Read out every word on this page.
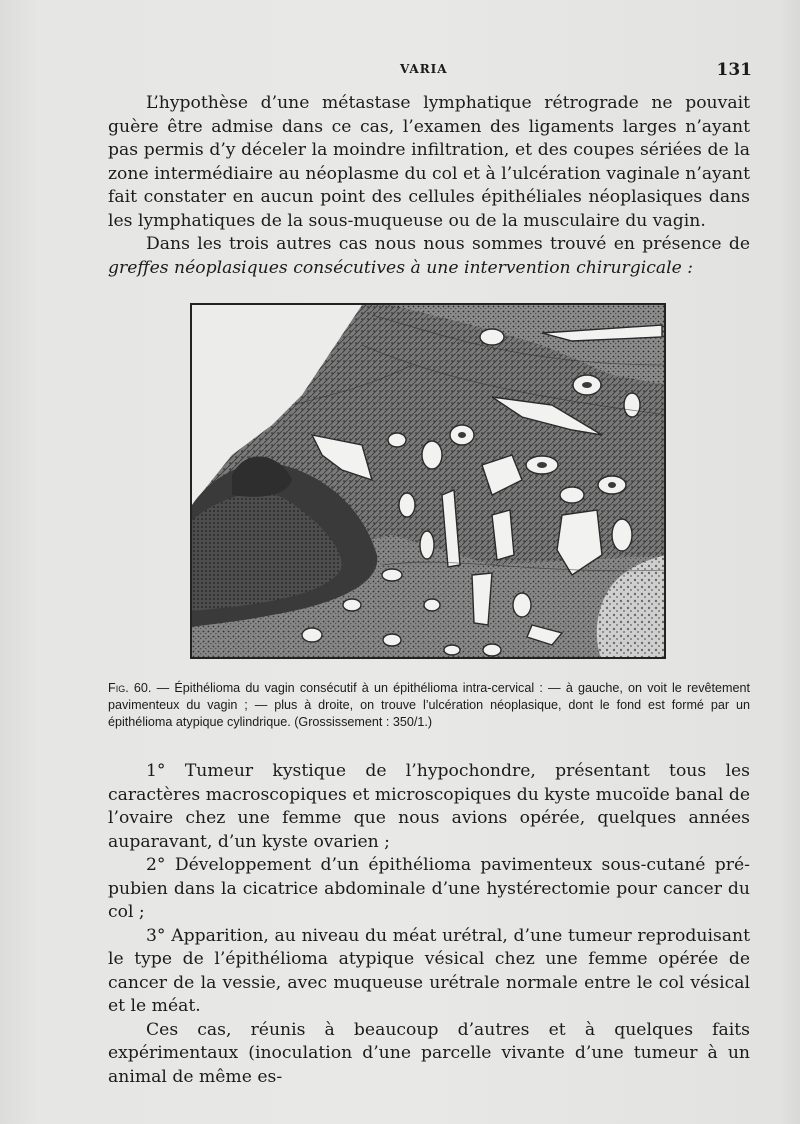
VARIA	131

L’hypothèse d’une métastase lymphatique rétrograde ne pouvait guère être admise dans ce cas, l’examen des ligaments larges n’ayant pas permis d’y déceler la moindre infiltration, et des coupes sériées de la zone intermédiaire au néoplasme du col et à l’ulcération vaginale n’ayant fait constater en aucun point des cellules épithéliales néoplasiques dans les lymphatiques de la sous-muqueuse ou de la musculaire du vagin.

Dans les trois autres cas nous nous sommes trouvé en présence de greffes néoplasiques consécutives à une intervention chirurgicale :

Fig. 60. — Épithélioma du vagin consécutif à un épithélioma intra-cervical : — à gauche, on voit le revêtement pavimenteux du vagin ; — plus à droite, on trouve l’ulcération néoplasique, dont le fond est formé par un épithélioma atypique cylindrique. (Grossissement : 350/1.)

1° Tumeur kystique de l’hypochondre, présentant tous les caractères macroscopiques et microscopiques du kyste mucoïde banal de l’ovaire chez une femme que nous avions opérée, quelques années auparavant, d’un kyste ovarien ;

2° Développement d’un épithélioma pavimenteux sous-cutané pré-pubien dans la cicatrice abdominale d’une hystérectomie pour cancer du col ;

3° Apparition, au niveau du méat urétral, d’une tumeur reproduisant le type de l’épithélioma atypique vésical chez une femme opérée de cancer de la vessie, avec muqueuse urétrale normale entre le col vésical et le méat.

Ces cas, réunis à beaucoup d’autres et à quelques faits expérimentaux (inoculation d’une parcelle vivante d’une tumeur à un animal de même es-
